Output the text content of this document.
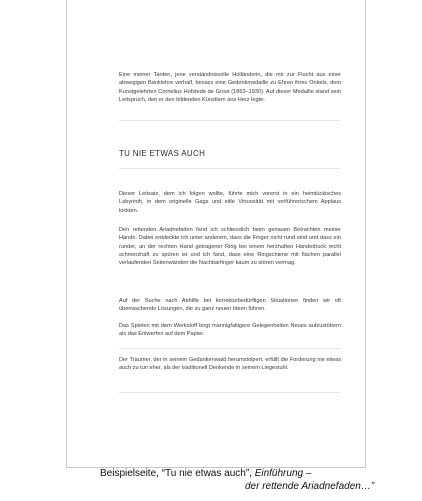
Eine meiner Tanten, jene verständnisvolle Holländerin, die mir zur Flucht aus einer abwegigen Banklehre verhalf, besass eine Gedenkmedaille zu Ehren ihres Onkels, dem Kunstgelehrten Cornelius Hofstede de Groot (1863–1930). Auf dieser Medaille stand sein Leitspruch, den er den bildenden Künstlern ans Herz legte:

TU NIE ETWAS AUCH

Dieser Leitsatz, dem ich folgen wollte, führte mich vorerst in ein heimtückisches Labyrinth, in dem originelle Gags und eitle Virtuosität mit verführerischem Applaus lockten.

Den rettenden Ariadnefaden fand ich schliesslich beim genauen Betrachten meiner Hände. Dabei entdeckte ich unter anderem, dass die Finger nicht rund sind und dass ein runder, an der rechten Hand getragener Ring bei einem herzhaften Händedruck recht schmerzhaft zu spüren ist und ich fand, dass eine Ringschiene mit flachen parallel verlaufenden Seitenwänden die Nachbarfinger kaum zu stören vermag.

Auf der Suche nach Abhilfe bei korrekturbedürftigen Situationen finden wir oft überraschende Lösungen, die zu ganz neuen Ideen führen.

Das Spielen mit dem Werkstoff birgt mannigfaltigere Gelegenheiten Neues aufzustöbern als das Entwerfen auf dem Papier.

Der Träumer, der in seinem Gedankenwald herumstolpert, erfüllt die Forderung nie etwas auch zu tun eher, als der traditionell Denkende in seinem Liegestuhl.

Beispielseite, “Tu nie etwas auch”, Einführung –
der rettende Ariadnefaden…”
